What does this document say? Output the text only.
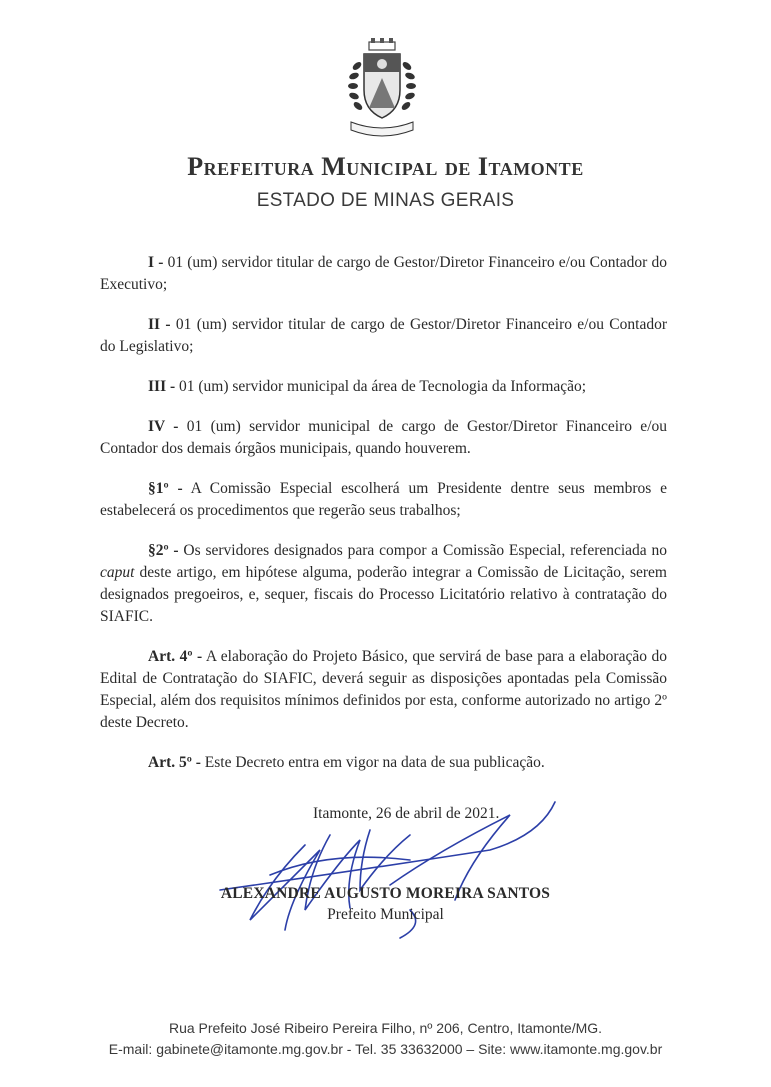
Prefeitura Municipal de Itamonte
ESTADO DE MINAS GERAIS

I - 01 (um) servidor titular de cargo de Gestor/Diretor Financeiro e/ou Contador do Executivo;

II - 01 (um) servidor titular de cargo de Gestor/Diretor Financeiro e/ou Contador do Legislativo;

III - 01 (um) servidor municipal da área de Tecnologia da Informação;

IV - 01 (um) servidor municipal de cargo de Gestor/Diretor Financeiro e/ou Contador dos demais órgãos municipais, quando houverem.

§1º - A Comissão Especial escolherá um Presidente dentre seus membros e estabelecerá os procedimentos que regerão seus trabalhos;

§2º - Os servidores designados para compor a Comissão Especial, referenciada no caput deste artigo, em hipótese alguma, poderão integrar a Comissão de Licitação, serem designados pregoeiros, e, sequer, fiscais do Processo Licitatório relativo à contratação do SIAFIC.

Art. 4º - A elaboração do Projeto Básico, que servirá de base para a elaboração do Edital de Contratação do SIAFIC, deverá seguir as disposições apontadas pela Comissão Especial, além dos requisitos mínimos definidos por esta, conforme autorizado no artigo 2º deste Decreto.

Art. 5º - Este Decreto entra em vigor na data de sua publicação.

Itamonte, 26 de abril de 2021.
ALEXANDRE AUGUSTO MOREIRA SANTOS
Prefeito Municipal
Rua Prefeito José Ribeiro Pereira Filho, nº 206, Centro, Itamonte/MG.
E-mail: gabinete@itamonte.mg.gov.br - Tel. 35 33632000 – Site: www.itamonte.mg.gov.br
